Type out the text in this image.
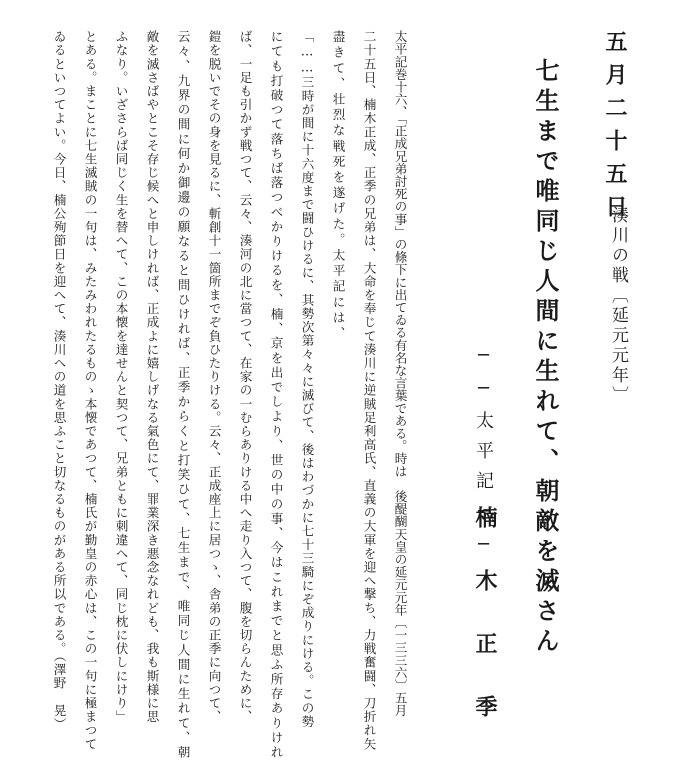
五月二十五日
湊川の戦〔延元元年〕
七生まで唯同じ人間に生れて、朝敵を滅さん
──太平記──
楠木正季
太平記巻十六、「正成兄弟討死の事」の條下に出てゐる有名な言葉である。時は　後醍醐天皇の延元元年〔一三三六〕五月
二十五日、楠木正成、正季の兄弟は、大命を奉じて湊川に逆賊足利高氏、直義の大軍を迎へ撃ち、力戦奮闘、刀折れ矢
盡きて、壮烈な戦死を遂げた。太平記には、
「……三時が間に十六度まで闘ひけるに、其勢次第々々に滅びて、後はわづかに七十三騎にぞ成りにける。この勢
にても打破つて落ちば落つべかりけるを、楠、京を出でしより、世の中の事、今はこれまでと思ふ所存ありけれ
ば、一足も引かず戦つて、云々、湊河の北に當つて、在家の一むらありける中へ走り入つて、腹を切らんために、
鎧を脱いでその身を見るに、斬創十一箇所までぞ負ひたりける。云々、正成座上に居つゝ、舎弟の正季に向つて、
云々、九界の間に何か御邊の願なると問ひければ、正季からくと打笑ひて、七生まで、唯同じ人間に生れて、朝
敵を滅さばやとこそ存じ候へと申しければ、正成よに嬉しげなる氣色にて、罪業深き悪念なれども、我も斯様に思
ふなり。いざさらば同じく生を替へて、この本懐を達せんと契つて、兄弟ともに刺違へて、同じ枕に伏しにけり」
とある。まことに七生滅賊の一句は、みたみわれたるものゝ本懐であつて、楠氏が勤皇の赤心は、この一句に極まつて
ゐるといつてよい。今日、楠公殉節日を迎へて、湊川への道を思ふこと切なるものがある所以である。（澤野　晃）
